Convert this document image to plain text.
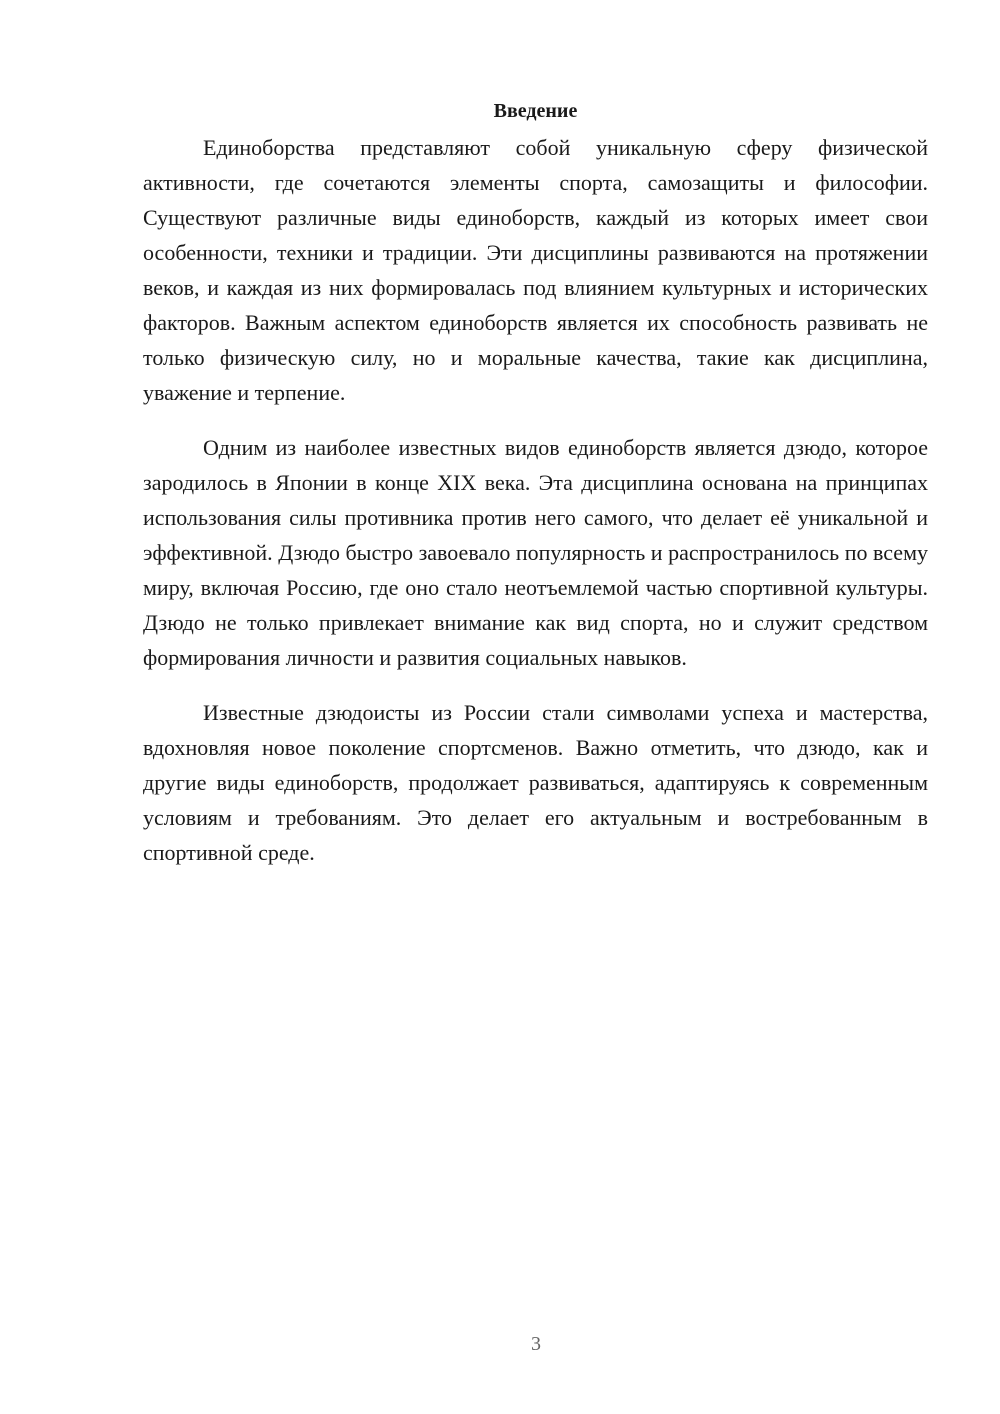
Введение

Единоборства представляют собой уникальную сферу физической активности, где сочетаются элементы спорта, самозащиты и философии. Существуют различные виды единоборств, каждый из которых имеет свои особенности, техники и традиции. Эти дисциплины развиваются на протяжении веков, и каждая из них формировалась под влиянием культурных и исторических факторов. Важным аспектом единоборств является их способность развивать не только физическую силу, но и моральные качества, такие как дисциплина, уважение и терпение.

Одним из наиболее известных видов единоборств является дзюдо, которое зародилось в Японии в конце XIX века. Эта дисциплина основана на принципах использования силы противника против него самого, что делает её уникальной и эффективной. Дзюдо быстро завоевало популярность и распространилось по всему миру, включая Россию, где оно стало неотъемлемой частью спортивной культуры. Дзюдо не только привлекает внимание как вид спорта, но и служит средством формирования личности и развития социальных навыков.

Известные дзюдоисты из России стали символами успеха и мастерства, вдохновляя новое поколение спортсменов. Важно отметить, что дзюдо, как и другие виды единоборств, продолжает развиваться, адаптируясь к современным условиям и требованиям. Это делает его актуальным и востребованным в спортивной среде.

3
